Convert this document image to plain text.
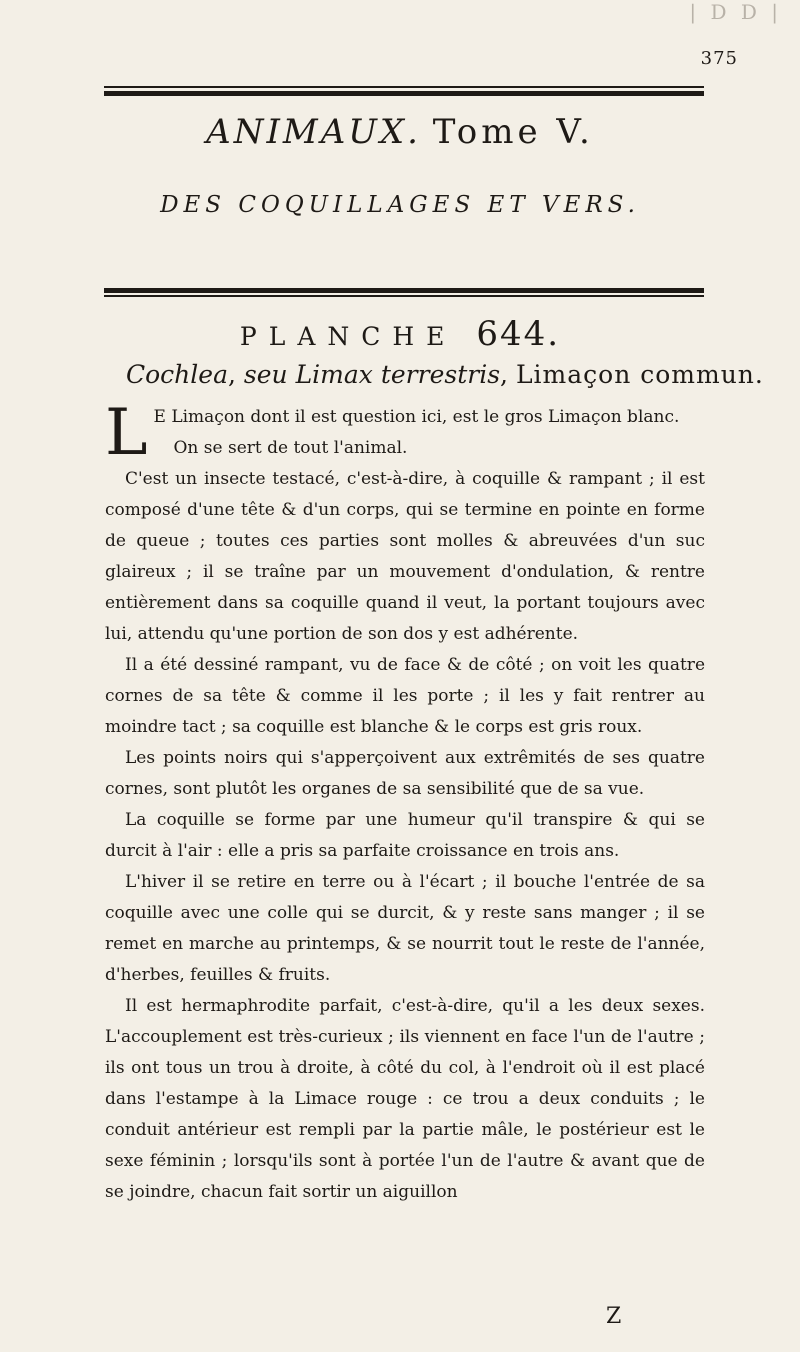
| D D |
375
ANIMAUX. Tome V.
DES COQUILLAGES ET VERS.
PLANCHE 644.
Cochlea, seu Limax terrestris, Limaçon commun.

L E Limaçon dont il est question ici, est le gros Limaçon blanc.

On se sert de tout l'animal.

C'est un insecte testacé, c'est-à-dire, à coquille & rampant ; il est composé d'une tête & d'un corps, qui se termine en pointe en forme de queue ; toutes ces parties sont molles & abreuvées d'un suc glaireux ; il se traîne par un mouvement d'ondulation, & rentre entièrement dans sa coquille quand il veut, la portant toujours avec lui, attendu qu'une portion de son dos y est adhérente.

Il a été dessiné rampant, vu de face & de côté ; on voit les quatre cornes de sa tête & comme il les porte ; il les y fait rentrer au moindre tact ; sa coquille est blanche & le corps est gris roux.

Les points noirs qui s'apperçoivent aux extrêmités de ses quatre cornes, sont plutôt les organes de sa sensibilité que de sa vue.

La coquille se forme par une humeur qu'il transpire & qui se durcit à l'air : elle a pris sa parfaite croissance en trois ans.

L'hiver il se retire en terre ou à l'écart ; il bouche l'entrée de sa coquille avec une colle qui se durcit, & y reste sans manger ; il se remet en marche au printemps, & se nourrit tout le reste de l'année, d'herbes, feuilles & fruits.

Il est hermaphrodite parfait, c'est-à-dire, qu'il a les deux sexes. L'accouplement est très-curieux ; ils viennent en face l'un de l'autre ; ils ont tous un trou à droite, à côté du col, à l'endroit où il est placé dans l'estampe à la Limace rouge : ce trou a deux conduits ; le conduit antérieur est rempli par la partie mâle, le postérieur est le sexe féminin ; lorsqu'ils sont à portée l'un de l'autre & avant que de se joindre, chacun fait sortir un aiguillon

Z
